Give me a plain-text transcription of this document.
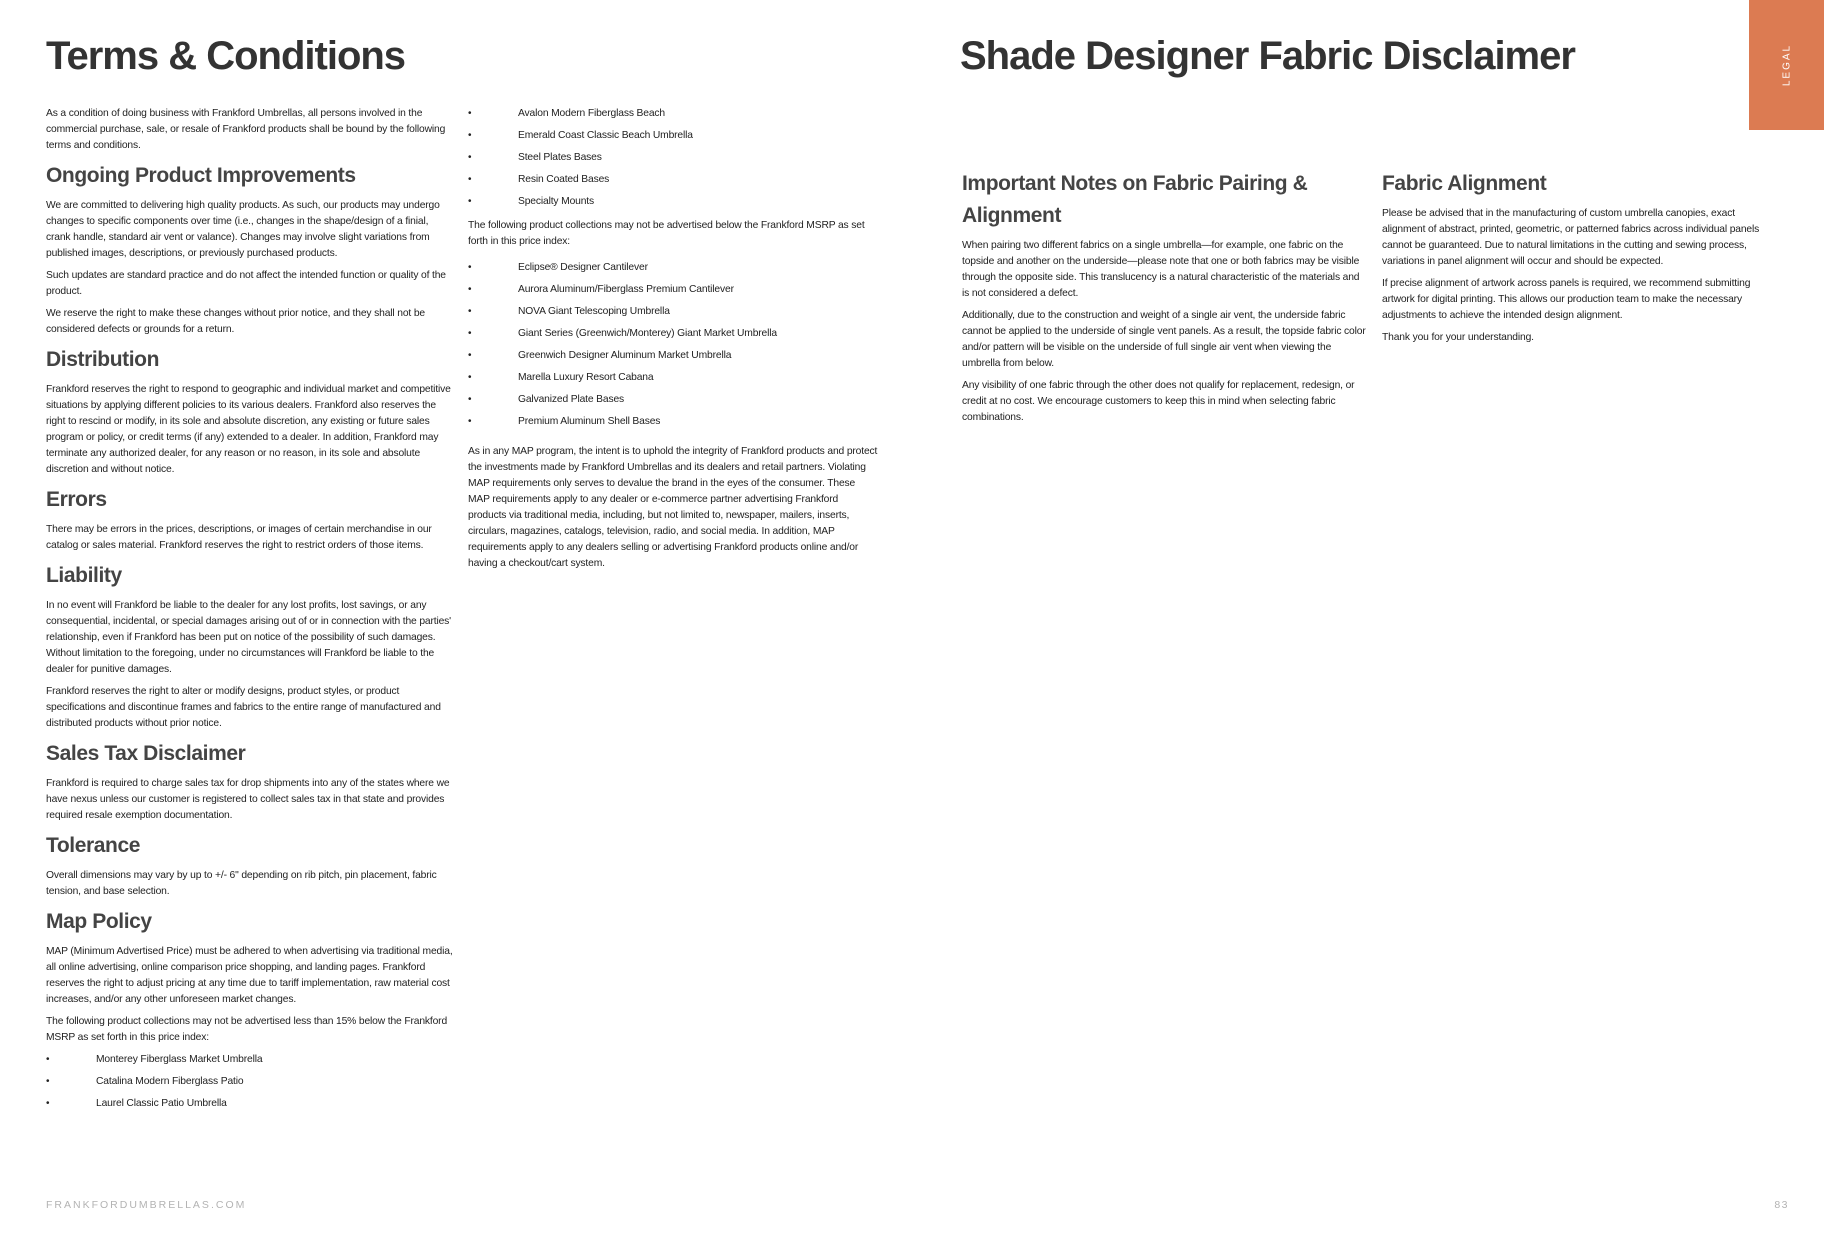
Terms & Conditions

As a condition of doing business with Frankford Umbrellas, all persons involved in the commercial purchase, sale, or resale of Frankford products shall be bound by the following terms and conditions.

Ongoing Product Improvements

We are committed to delivering high quality products. As such, our products may undergo changes to specific components over time (i.e., changes in the shape/design of a finial, crank handle, standard air vent or valance). Changes may involve slight variations from published images, descriptions, or previously purchased products.

Such updates are standard practice and do not affect the intended function or quality of the product.

We reserve the right to make these changes without prior notice, and they shall not be considered defects or grounds for a return.

Distribution

Frankford reserves the right to respond to geographic and individual market and competitive situations by applying different policies to its various dealers. Frankford also reserves the right to rescind or modify, in its sole and absolute discretion, any existing or future sales program or policy, or credit terms (if any) extended to a dealer. In addition, Frankford may terminate any authorized dealer, for any reason or no reason, in its sole and absolute discretion and without notice.

Errors

There may be errors in the prices, descriptions, or images of certain merchandise in our catalog or sales material. Frankford reserves the right to restrict orders of those items.

Liability

In no event will Frankford be liable to the dealer for any lost profits, lost savings, or any consequential, incidental, or special damages arising out of or in connection with the parties' relationship, even if Frankford has been put on notice of the possibility of such damages. Without limitation to the foregoing, under no circumstances will Frankford be liable to the dealer for punitive damages.

Frankford reserves the right to alter or modify designs, product styles, or product specifications and discontinue frames and fabrics to the entire range of manufactured and distributed products without prior notice.

Sales Tax Disclaimer

Frankford is required to charge sales tax for drop shipments into any of the states where we have nexus unless our customer is registered to collect sales tax in that state and provides required resale exemption documentation.

Tolerance

Overall dimensions may vary by up to +/- 6" depending on rib pitch, pin placement, fabric tension, and base selection.

Map Policy

MAP (Minimum Advertised Price) must be adhered to when advertising via traditional media, all online advertising, online comparison price shopping, and landing pages. Frankford reserves the right to adjust pricing at any time due to tariff implementation, raw material cost increases, and/or any other unforeseen market changes.

The following product collections may not be advertised less than 15% below the Frankford MSRP as set forth in this price index:

• Monterey Fiberglass Market Umbrella
• Catalina Modern Fiberglass Patio
• Laurel Classic Patio Umbrella
• Avalon Modern Fiberglass Beach
• Emerald Coast Classic Beach Umbrella
• Steel Plates Bases
• Resin Coated Bases
• Specialty Mounts

The following product collections may not be advertised below the Frankford MSRP as set forth in this price index:

• Eclipse® Designer Cantilever
• Aurora Aluminum/Fiberglass Premium Cantilever
• NOVA Giant Telescoping Umbrella
• Giant Series (Greenwich/Monterey) Giant Market Umbrella
• Greenwich Designer Aluminum Market Umbrella
• Marella Luxury Resort Cabana
• Galvanized Plate Bases
• Premium Aluminum Shell Bases

As in any MAP program, the intent is to uphold the integrity of Frankford products and protect the investments made by Frankford Umbrellas and its dealers and retail partners. Violating MAP requirements only serves to devalue the brand in the eyes of the consumer. These MAP requirements apply to any dealer or e-commerce partner advertising Frankford products via traditional media, including, but not limited to, newspaper, mailers, inserts, circulars, magazines, catalogs, television, radio, and social media. In addition, MAP requirements apply to any dealers selling or advertising Frankford products online and/or having a checkout/cart system.

Shade Designer Fabric Disclaimer	LEGAL
Important Notes on Fabric Pairing & Alignment

When pairing two different fabrics on a single umbrella—for example, one fabric on the topside and another on the underside—please note that one or both fabrics may be visible through the opposite side. This translucency is a natural characteristic of the materials and is not considered a defect.

Additionally, due to the construction and weight of a single air vent, the underside fabric cannot be applied to the underside of single vent panels. As a result, the topside fabric color and/or pattern will be visible on the underside of full single air vent when viewing the umbrella from below.

Any visibility of one fabric through the other does not qualify for replacement, redesign, or credit at no cost. We encourage customers to keep this in mind when selecting fabric combinations.

Fabric Alignment

Please be advised that in the manufacturing of custom umbrella canopies, exact alignment of abstract, printed, geometric, or patterned fabrics across individual panels cannot be guaranteed. Due to natural limitations in the cutting and sewing process, variations in panel alignment will occur and should be expected.

If precise alignment of artwork across panels is required, we recommend submitting artwork for digital printing. This allows our production team to make the necessary adjustments to achieve the intended design alignment.

Thank you for your understanding.

FRANKFORDUMBRELLAS.COM	83
